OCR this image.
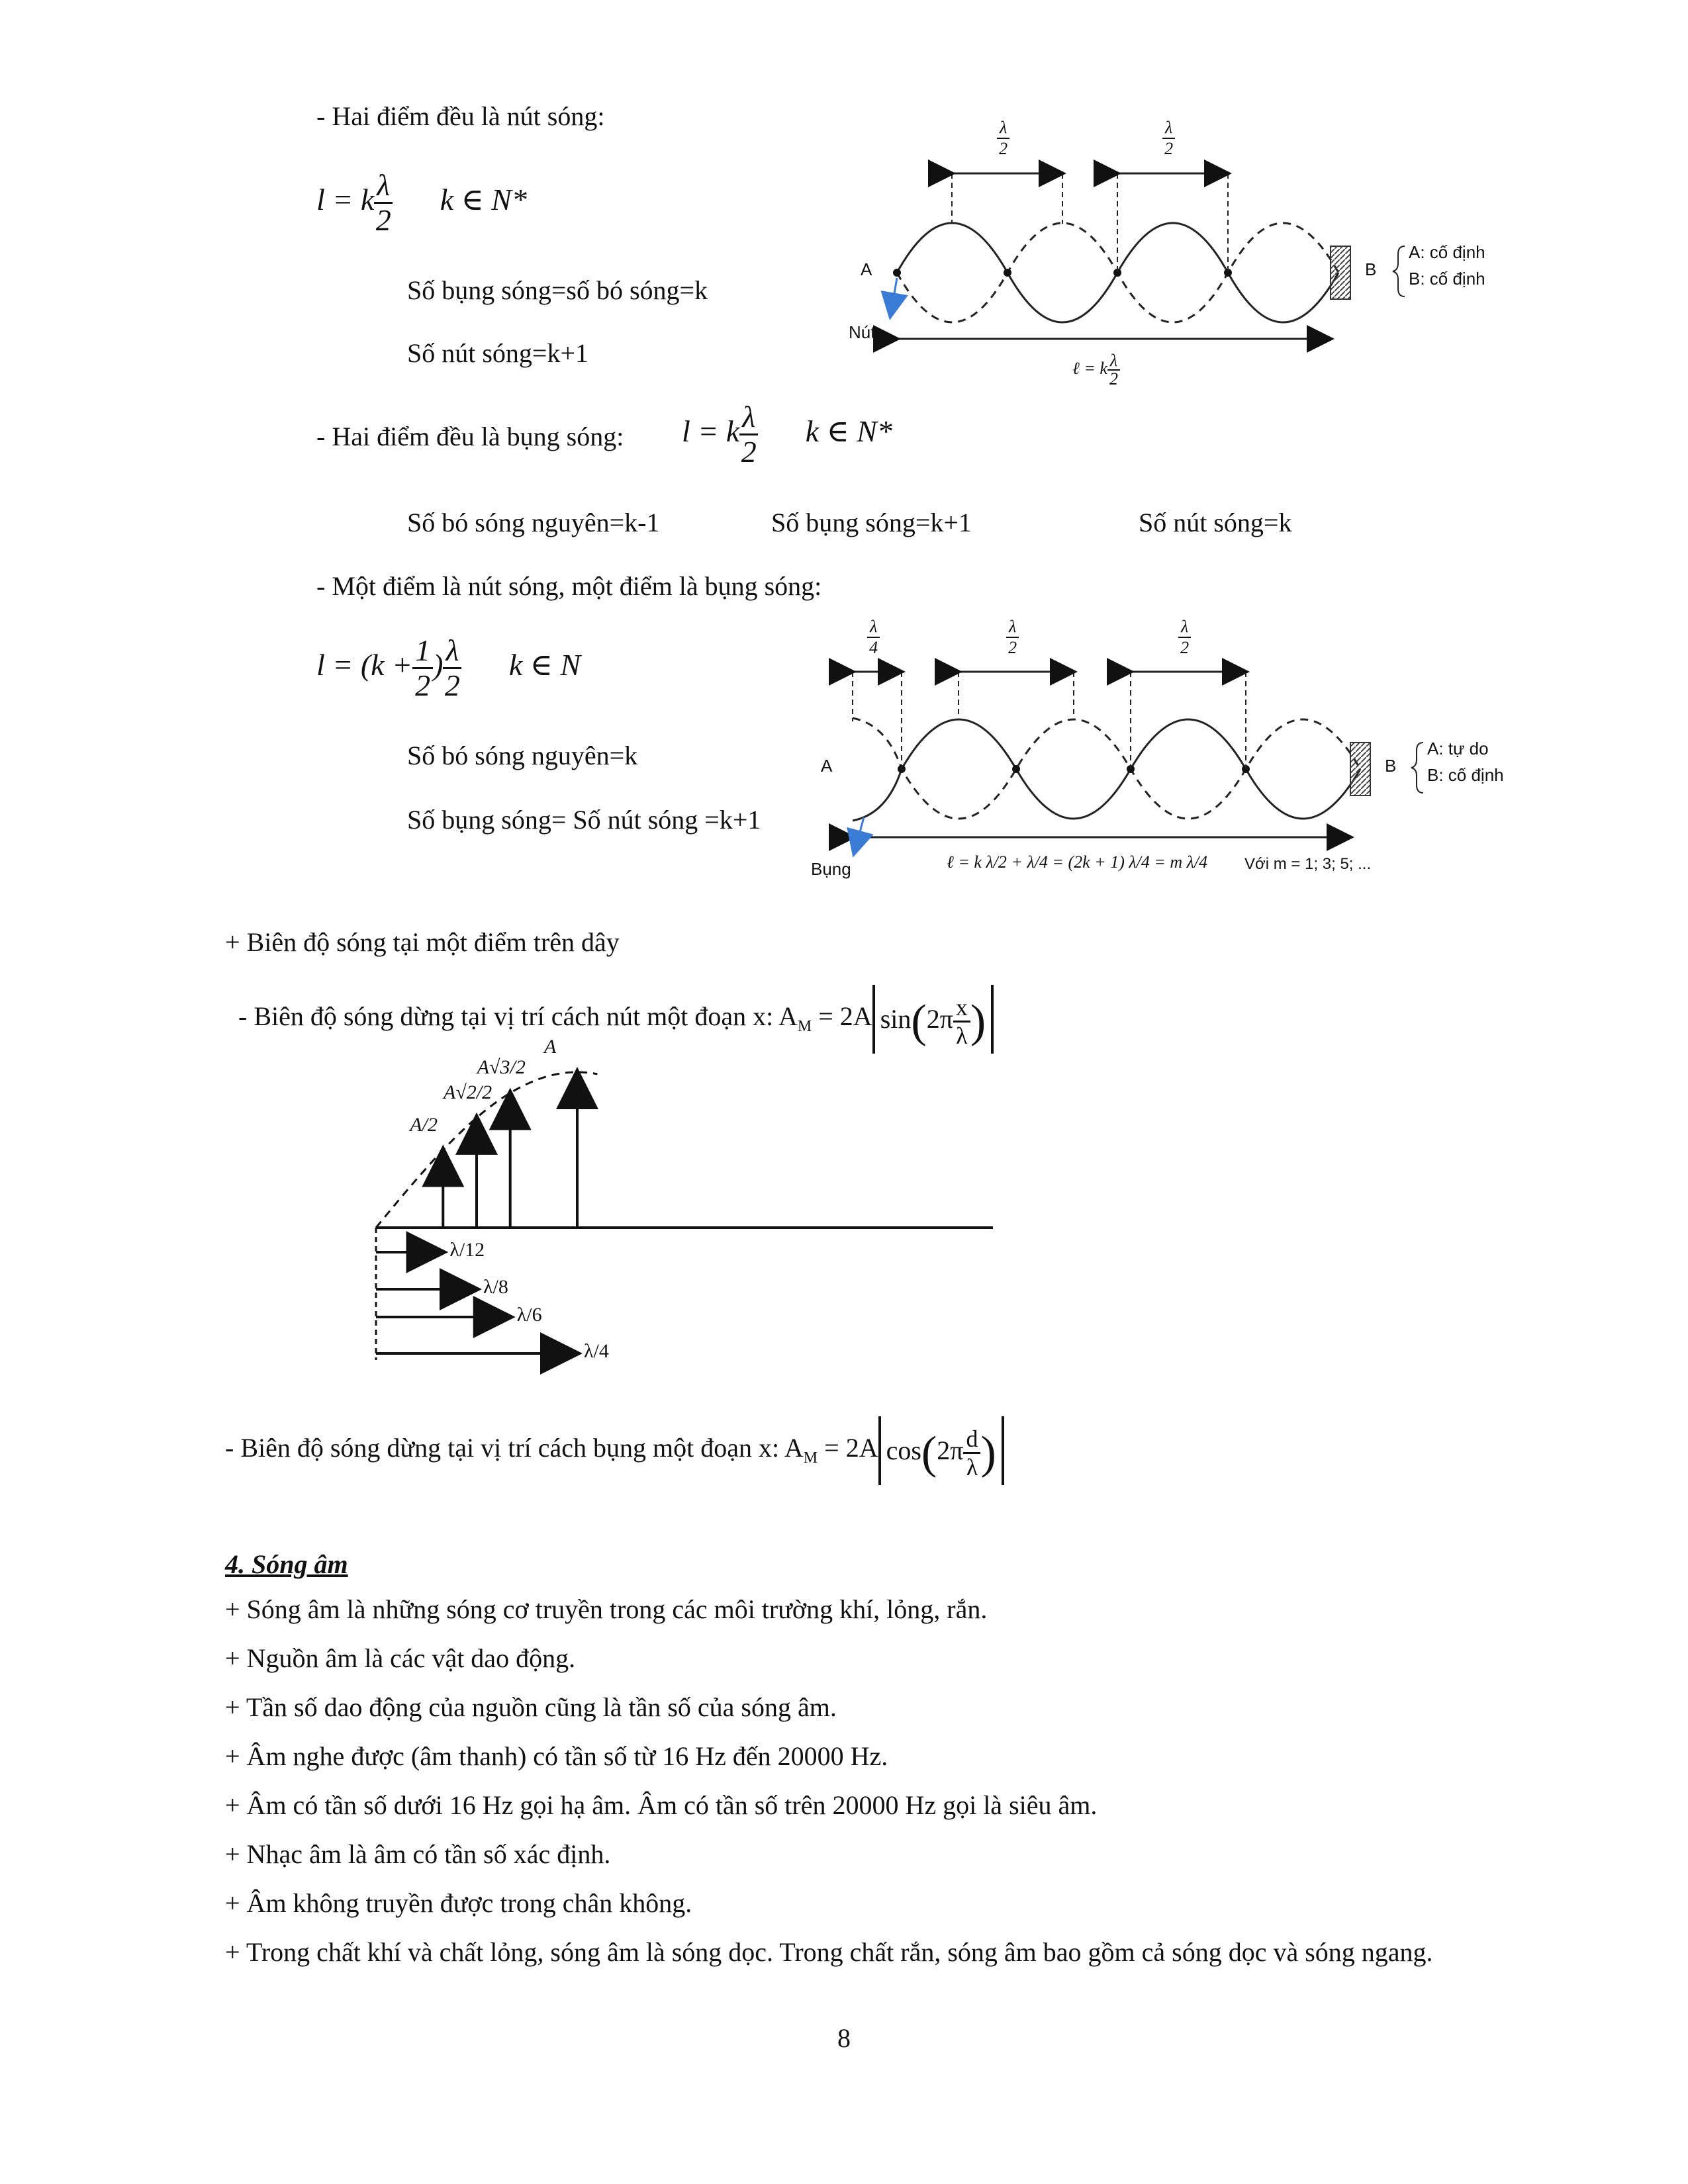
- Hai điểm đều là nút sóng:
l = k $\frac{\lambda}{2}$ k ∈ N*
Số bụng sóng=số bó sóng=k
Số nút sóng=k+1
- Hai điểm đều là bụng sóng: l = k $\frac{\lambda}{2}$ k ∈ N*
Số bó sóng nguyên=k-1	Số bụng sóng=k+1	Số nút sóng=k
- Một điểm là nút sóng, một điểm là bụng sóng:
$l = (k + \frac{1}{2}$ ) $\frac{\lambda}{2}$ k ∈ N
Số bó sóng nguyên=k
Số bụng sóng= Số nút sóng =k+1
$\frac{\lambda}{2}$	$\frac{\lambda}{2}$
A	B
Nút
A: cố định
B: cố định
ℓ = k $\frac{\lambda}{2}$
$\frac{\lambda}{4}$	$\frac{\lambda}{2}$	$\frac{\lambda}{2}$
A	B
Bụng
A: tự do
B: cố định
ℓ = k λ/2 + λ/4 = (2k + 1) λ/4 = m λ/4 Với m = 1; 3; 5; ...
+ Biên độ sóng tại một điểm trên dây
- Biên độ sóng dừng tại vị trí cách nút một đoạn x: $A_M = 2A$ $\sin(2\pi \frac{x}{\lambda}$ )
A/2
A√2/2
A√3/2
A
λ/12
λ/8
λ/6
λ/4
- Biên độ sóng dừng tại vị trí cách bụng một đoạn x: $A_M = 2A$ $\cos(2\pi \frac{d}{\lambda}$ )
4. Sóng âm
+ Sóng âm là những sóng cơ truyền trong các môi trường khí, lỏng, rắn.
+ Nguồn âm là các vật dao động.
+ Tần số dao động của nguồn cũng là tần số của sóng âm.
+ Âm nghe được (âm thanh) có tần số từ 16 Hz đến 20000 Hz.
+ Âm có tần số dưới 16 Hz gọi hạ âm. Âm có tần số trên 20000 Hz gọi là siêu âm.
+ Nhạc âm là âm có tần số xác định.
+ Âm không truyền được trong chân không.
+ Trong chất khí và chất lỏng, sóng âm là sóng dọc. Trong chất rắn, sóng âm bao gồm cả sóng dọc và sóng ngang.
8
